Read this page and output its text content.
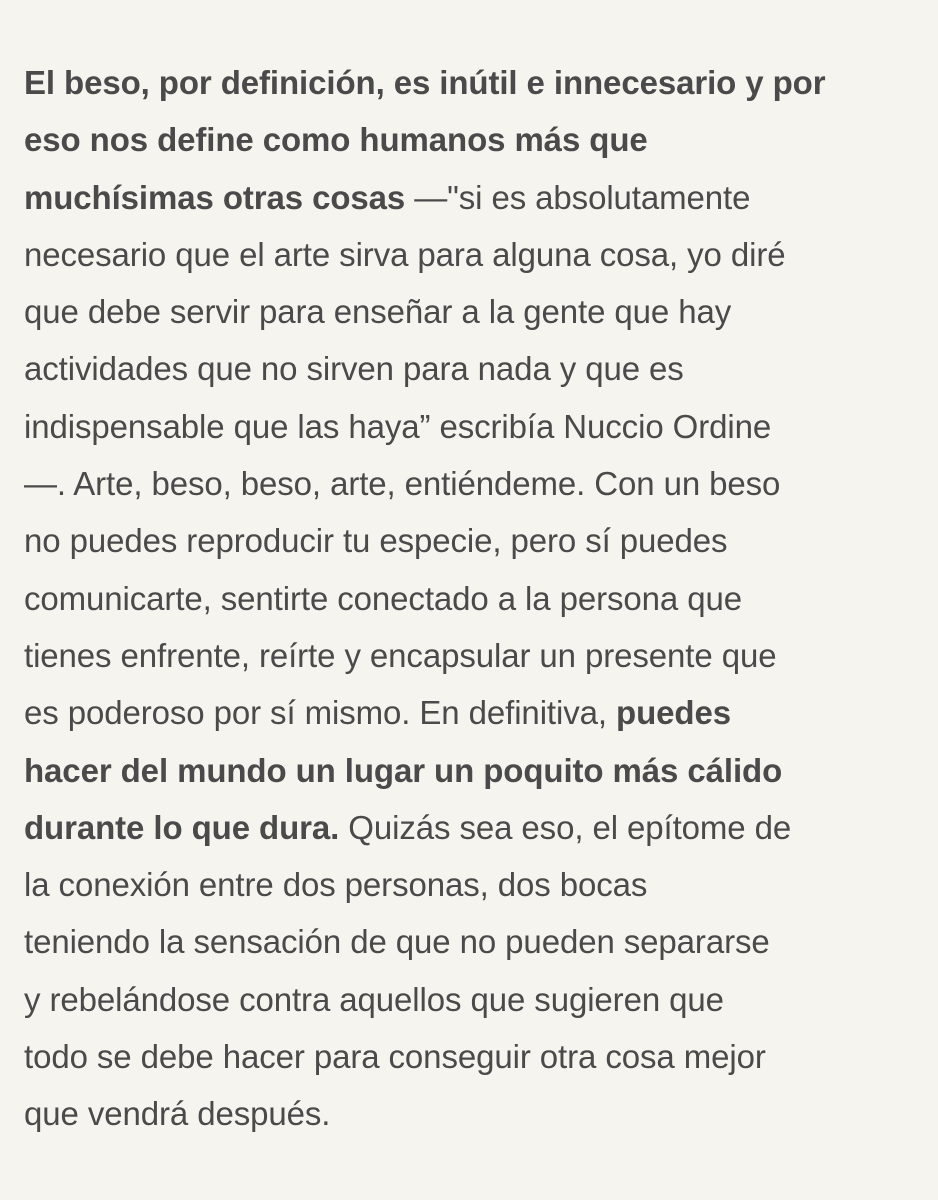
El beso, por definición, es inútil e innecesario y por
eso nos define como humanos más que
muchísimas otras cosas —"si es absolutamente
necesario que el arte sirva para alguna cosa, yo diré
que debe servir para enseñar a la gente que hay
actividades que no sirven para nada y que es
indispensable que las haya” escribía Nuccio Ordine
—. Arte, beso, beso, arte, entiéndeme. Con un beso
no puedes reproducir tu especie, pero sí puedes
comunicarte, sentirte conectado a la persona que
tienes enfrente, reírte y encapsular un presente que
es poderoso por sí mismo. En definitiva, puedes
hacer del mundo un lugar un poquito más cálido
durante lo que dura. Quizás sea eso, el epítome de
la conexión entre dos personas, dos bocas
teniendo la sensación de que no pueden separarse
y rebelándose contra aquellos que sugieren que
todo se debe hacer para conseguir otra cosa mejor
que vendrá después.
